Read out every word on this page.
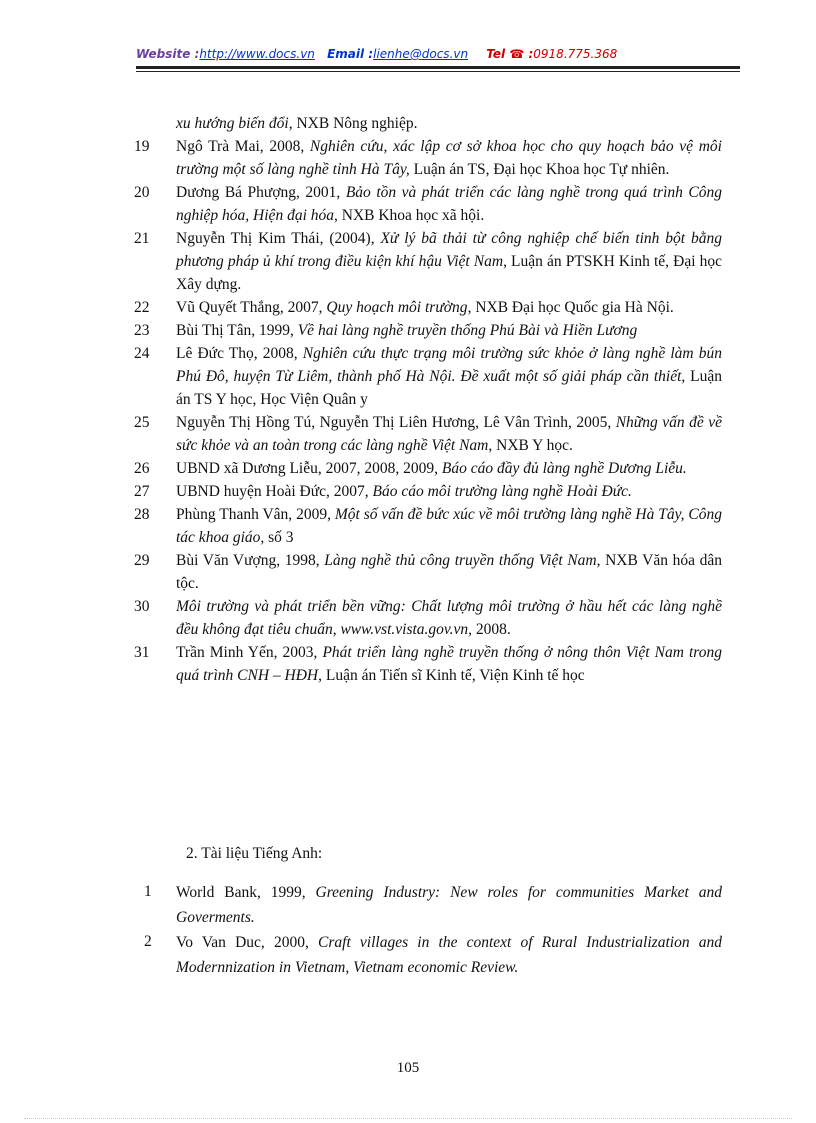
Website :http://www.docs.vn Email :lienhe@docs.vn Tel ☎ :0918.775.368
xu hướng biến đổi, NXB Nông nghiệp.
19	Ngô Trà Mai, 2008, Nghiên cứu, xác lập cơ sở khoa học cho quy hoạch bảo vệ môi trường một số làng nghề tỉnh Hà Tây, Luận án TS, Đại học Khoa học Tự nhiên.
20	Dương Bá Phượng, 2001, Bảo tồn và phát triển các làng nghề trong quá trình Công nghiệp hóa, Hiện đại hóa, NXB Khoa học xã hội.
21	Nguyễn Thị Kim Thái, (2004), Xử lý bã thải từ công nghiệp chế biến tinh bột bằng phương pháp ủ khí trong điều kiện khí hậu Việt Nam, Luận án PTSKH Kinh tế, Đại học Xây dựng.
22	Vũ Quyết Thắng, 2007, Quy hoạch môi trường, NXB Đại học Quốc gia Hà Nội.
23	Bùi Thị Tân, 1999, Về hai làng nghề truyền thống Phú Bài và Hiền Lương
24	Lê Đức Thọ, 2008, Nghiên cứu thực trạng môi trường sức khỏe ở làng nghề làm bún Phú Đô, huyện Từ Liêm, thành phố Hà Nội. Đề xuất một số giải pháp cần thiết, Luận án TS Y học, Học Viện Quân y
25	Nguyễn Thị Hồng Tú, Nguyễn Thị Liên Hương, Lê Vân Trình, 2005, Những vấn đề về sức khỏe và an toàn trong các làng nghề Việt Nam, NXB Y học.
26	UBND xã Dương Liễu, 2007, 2008, 2009, Báo cáo đầy đủ làng nghề Dương Liễu.
27	UBND huyện Hoài Đức, 2007, Báo cáo môi trường làng nghề Hoài Đức.
28	Phùng Thanh Vân, 2009, Một số vấn đề bức xúc về môi trường làng nghề Hà Tây, Công tác khoa giáo, số 3
29	Bùi Văn Vượng, 1998, Làng nghề thủ công truyền thống Việt Nam, NXB Văn hóa dân tộc.
30	Môi trường và phát triển bền vững: Chất lượng môi trường ở hầu hết các làng nghề đều không đạt tiêu chuẩn, www.vst.vista.gov.vn, 2008.
31	Trần Minh Yến, 2003, Phát triển làng nghề truyền thống ở nông thôn Việt Nam trong quá trình CNH – HĐH, Luận án Tiến sĩ Kinh tế, Viện Kinh tế học
2. Tài liệu Tiếng Anh:
1	World Bank, 1999, Greening Industry: New roles for communities Market and Goverments.
2	Vo Van Duc, 2000, Craft villages in the context of Rural Industrialization and Modernnization in Vietnam, Vietnam economic Review.
105
